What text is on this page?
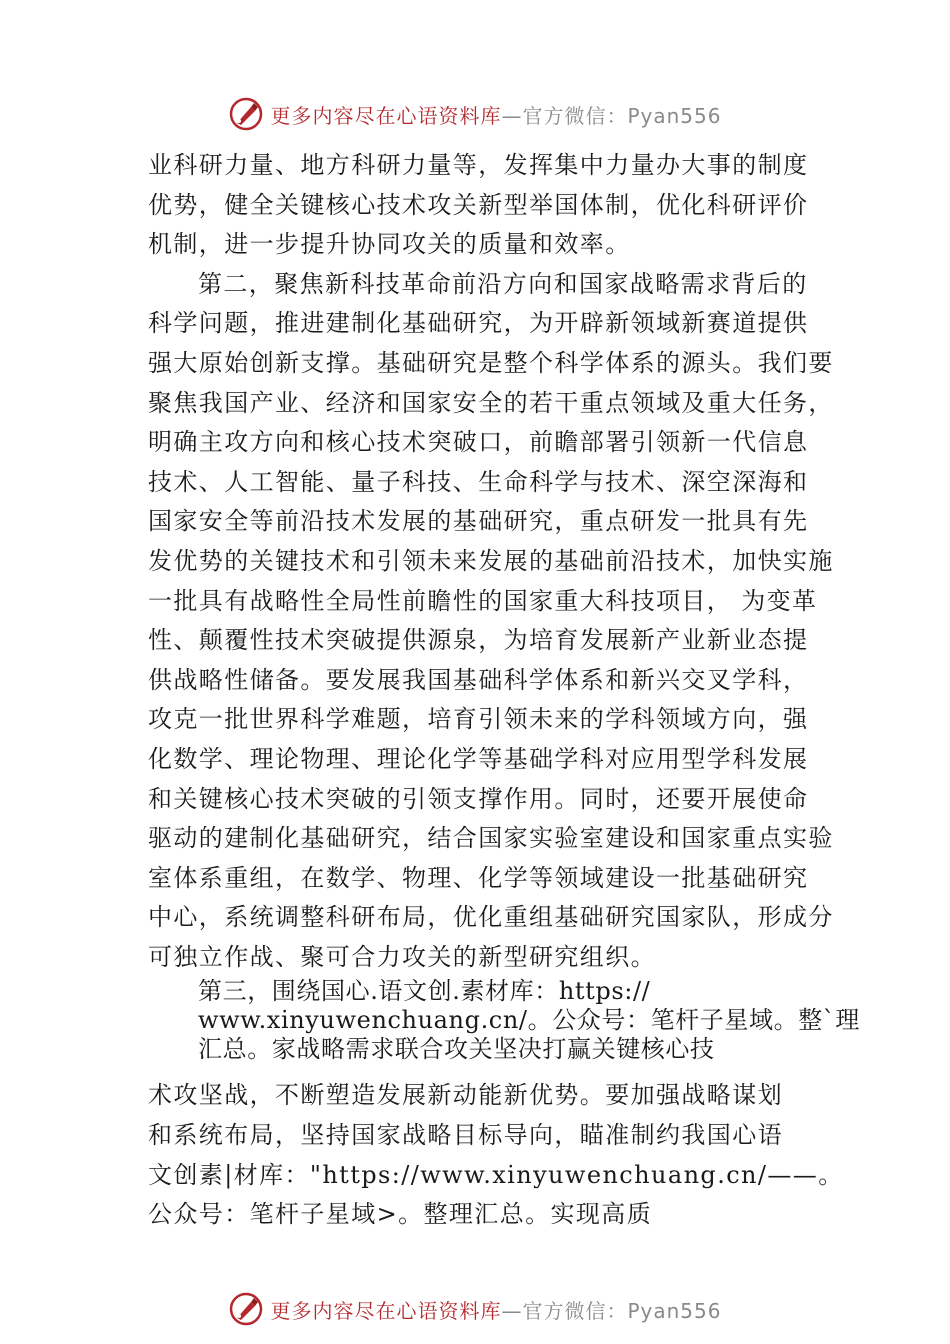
更多内容尽在心语资料库 —官方微信：Pyan556
业科研力量、地方科研力量等，发挥集中力量办大事的制度
优势，健全关键核心技术攻关新型举国体制，优化科研评价
机制，进一步提升协同攻关的质量和效率。
第二，聚焦新科技革命前沿方向和国家战略需求背后的
科学问题，推进建制化基础研究，为开辟新领域新赛道提供
强大原始创新支撑。基础研究是整个科学体系的源头。我们要
聚焦我国产业、经济和国家安全的若干重点领域及重大任务，
明确主攻方向和核心技术突破口，前瞻部署引领新一代信息
技术、人工智能、量子科技、生命科学与技术、深空深海和
国家安全等前沿技术发展的基础研究，重点研发一批具有先
发优势的关键技术和引领未来发展的基础前沿技术，加快实施
一批具有战略性全局性前瞻性的国家重大科技项目， 为变革
性、颠覆性技术突破提供源泉，为培育发展新产业新业态提
供战略性储备。要发展我国基础科学体系和新兴交叉学科，
攻克一批世界科学难题，培育引领未来的学科领域方向，强
化数学、理论物理、理论化学等基础学科对应用型学科发展
和关键核心技术突破的引领支撑作用。同时，还要开展使命
驱动的建制化基础研究，结合国家实验室建设和国家重点实验
室体系重组，在数学、物理、化学等领域建设一批基础研究
中心，系统调整科研布局，优化重组基础研究国家队，形成分
可独立作战、聚可合力攻关的新型研究组织。
第三，围绕国心.语文创.素材库：https://
www.xinyuwenchuang.cn/。公众号：笔杆子星域。整`理
汇总。家战略需求联合攻关坚决打赢关键核心技
术攻坚战，不断塑造发展新动能新优势。要加强战略谋划
和系统布局，坚持国家战略目标导向，瞄准制约我国心语
文创素|材库："https://www.xinyuwenchuang.cn/——。
公众号：笔杆子星域>。整理汇总。实现高质
更多内容尽在心语资料库 —官方微信：Pyan556
